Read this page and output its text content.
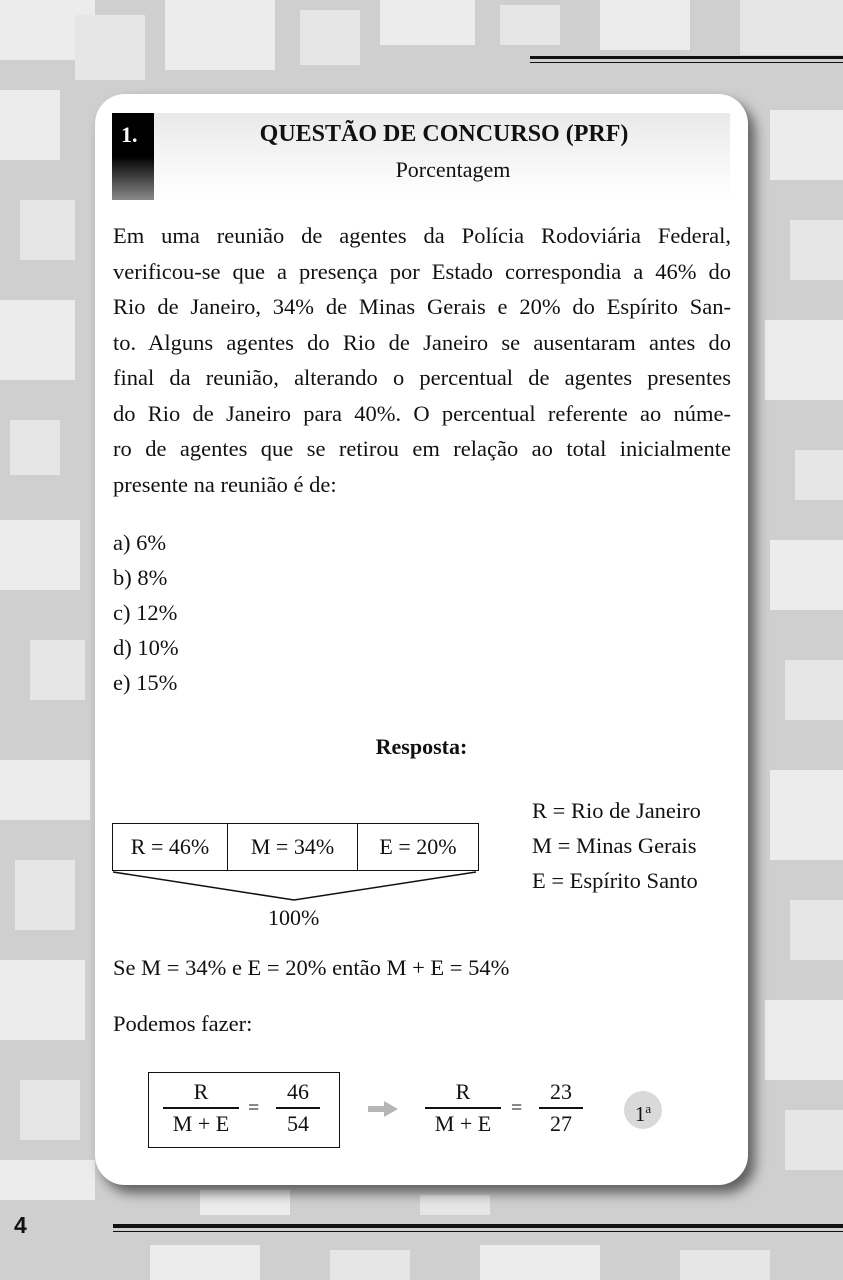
4
1.	QUESTÃO DE CONCURSO (PRF)
Porcentagem
Em uma reunião de agentes da Polícia Rodoviária Federal,
verificou-se que a presença por Estado correspondia a 46% do
Rio de Janeiro, 34% de Minas Gerais e 20% do Espírito San-
to. Alguns agentes do Rio de Janeiro se ausentaram antes do
final da reunião, alterando o percentual de agentes presentes
do Rio de Janeiro para 40%. O percentual referente ao núme-
ro de agentes que se retirou em relação ao total inicialmente
presente na reunião é de:
a) 6%
b) 8%
c) 12%
d) 10%
e) 15%
Resposta:
R = 46%	M = 34%	E = 20%
100%
R = Rio de Janeiro
M = Minas Gerais
E = Espírito Santo
Se M = 34% e E = 20% então M + E = 54%
Podemos fazer:
R
M + E
=
46
54
R
M + E
=
23
27	1$^a$
